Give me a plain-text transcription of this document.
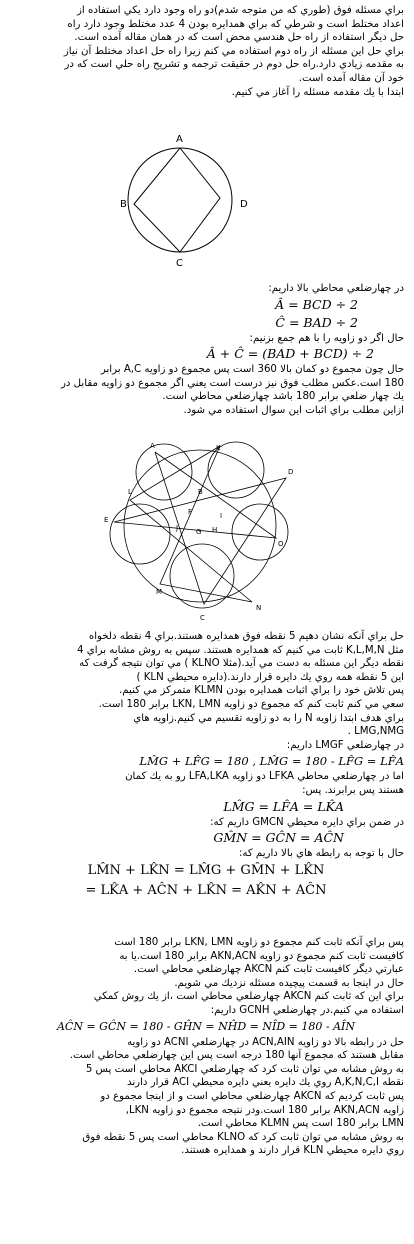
براي مسئله فوق (طوري كه من متوجه شدم)دو راه وجود دارد يكي استفاده از

اعداد مختلط است و شرطي كه براي همدايره بودن 4 عدد مختلط وجود دارد راه

حل ديگر استفاده از راه حل هندسي محض است كه در همان مقاله آمده است.

براي حل اين مسئله از راه دوم استفاده مي كنم زيرا راه حل اعداد مختلط آن نياز

به مقدمه زيادي دارد.راه حل دوم در حقيقت ترجمه و تشريح راه حلي است كه در

خود آن مقاله آمده است.

ابتدا با يك مقدمه مسئله را آغاز مي كنيم.

A
B
C
D

در چهارضلعي محاطي بالا داريم:

Â = BCD ÷ 2

Ĉ = BAD ÷ 2

حال اگر دو زاويه را با هم جمع بزنيم:

Â + Ĉ = (BAD + BCD) ÷ 2

حال چون مجموع دو كمان بالا 360 است پس مجموع دو زاويه A,C برابر

180 است.عكس مطلب فوق نيز درست است يعني اگر مجموع دو زاويه مقابل در

يك چهار ضلعي برابر 180 باشد چهارضلعي محاطي است.

ازاين مطلب براي اثبات اين سوال استفاده مي شود.

A
B
C
D
E
F
G H
I
J
K
L
M
N
O

حل براي آنكه نشان دهيم 5 نقطه فوق همدايره هستند.براي 4 نقطه دلخواه

مثل K,L,M,N ثابت مي كنيم كه همدايره هستند. سپس به روش مشابه براي 4

نقطه ديگر اين مسئله به دست مي آيد.(مثلا KLNO ) مي توان نتيجه گرفت كه

اين 5 نقطه همه روي يك دايره قرار دارند.(دايره محيطي KLN )

پس تلاش خود را براي اثبات همدايره بودن KLMN متمركز مي كنيم.

سعي مي كنم ثابت كنم كه مجموع دو زاويه LKN, LMN برابر 180 است.

براي هدف ابتدا زاويه N را به دو زاويه تقسيم مي كنيم.زاويه هاي

LMG,NMG .

در چهارضلعي LMGF داريم:

LM̂G + LF̂G = 180 , LM̂G = 180 - LF̂G = LF̂A

اما در چهارضلعي محاطي LFKA دو زاويه LFA,LKA رو به يك كمان

هستند پس برابرند. پس:

LM̂G = LF̂A = LK̂A

در ضمن براي دايره محيطي GMCN داريم كه:

GM̂N = GĈN = AĈN

حال با توجه به رابطه هاي بالا داريم كه:

LM̂N + LK̂N = LM̂G + GM̂N + LK̂N

= LK̂A + AĈN + LK̂N = AK̂N + AĈN

پس براي آنكه ثابت كنم مجموع دو زاويه LKN, LMN برابر 180 است

كافيست ثابت كنم مجموع دو زاويه AKN,ACN برابر 180 است.يا به

عبارتي ديگر كافيست ثابت كنم AKCN چهارضلعي محاطي است.

حال در اينجا به قسمت پيچيده مسئله نزديك مي شويم.

براي اين كه ثابت كنم AKCN چهارضلعي محاطي است ،از يك روش كمكي

استفاده مي كنيم.در چهارضلعي GCNH داريم:

AĈN = GĈN = 180 - GĤN = NĤD = NÎD = 180 - AÎN

حل در رابطه بالا دو زاويه ACN,AIN در چهارضلعي ACNI دو زاويه

مقابل هستند كه مجموع آنها 180 درجه است پس اين چهارضلعي محاطي است.

به روش مشابه مي توان ثابت كرد كه چهارضلعي AKCI محاطي است پس 5

نقطه A,K,N,C,I روي يك دايره يعني دايره محيطي ACI قرار دارند

پس ثابت كرديم كه AKCN چهارضلعي محاطي است و از اينجا مجموع دو

زاويه AKN,ACN برابر 180 است.ودر نتيجه مجموع دو زاويه LKN,

LMN برابر 180 است پس KLMN محاطي است.

به روش مشابه مي توان ثابت كرد كه KLNO محاطي است پس 5 نقطه فوق

روي دايره محيطي KLN قرار دارند و همدايره هستند.
